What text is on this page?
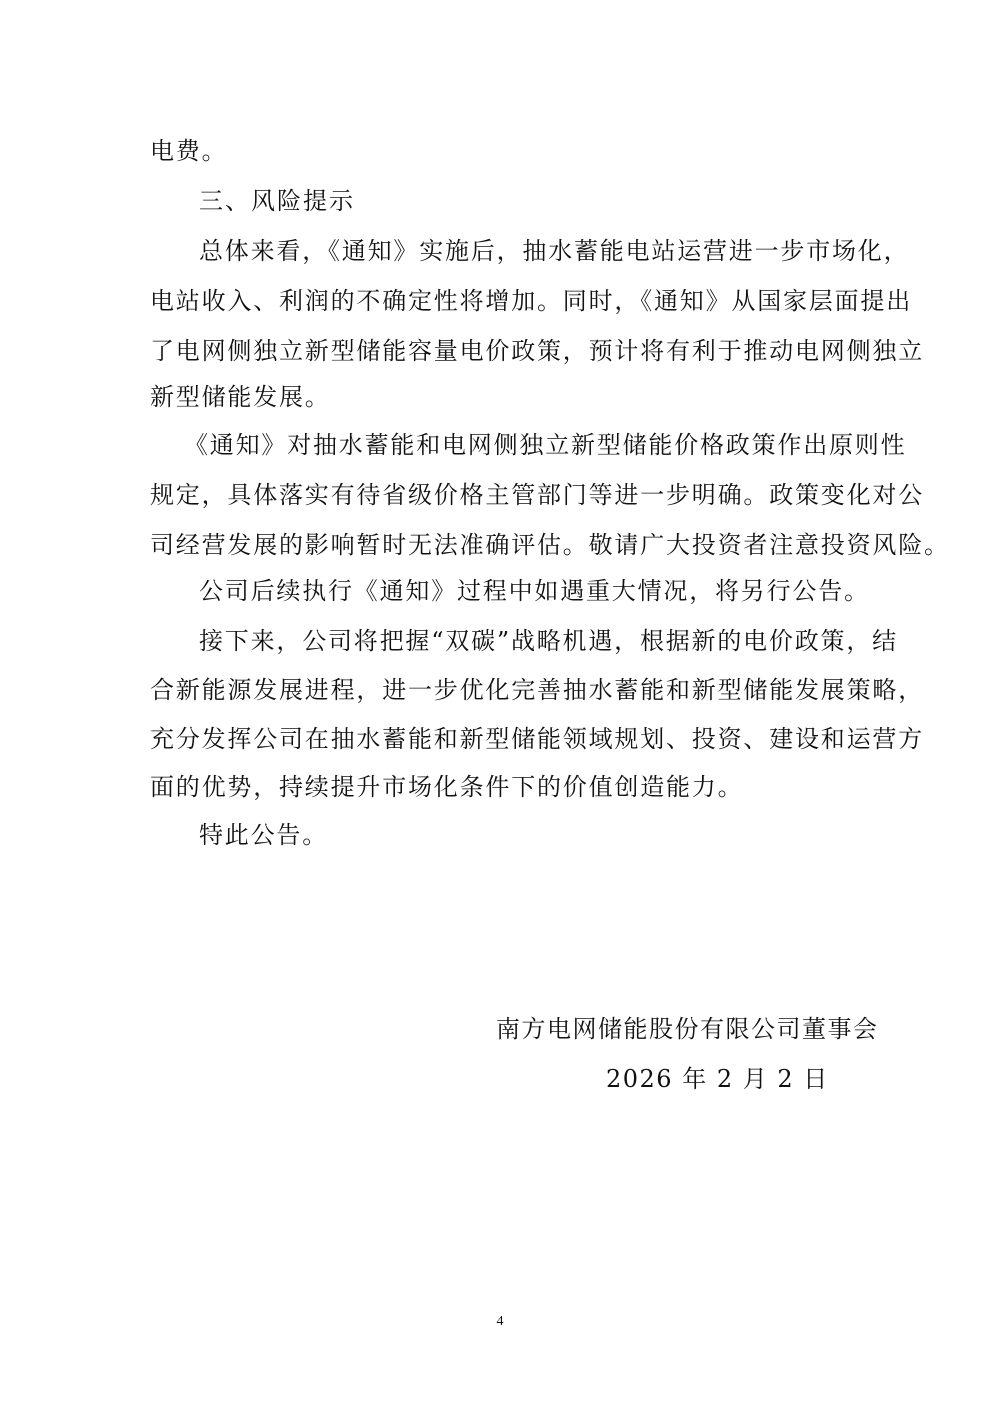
电费。
三、风险提示
总体来看，《通知》实施后，抽水蓄能电站运营进一步市场化，
电站收入、利润的不确定性将增加。同时，《通知》从国家层面提出
了电网侧独立新型储能容量电价政策，预计将有利于推动电网侧独立
新型储能发展。
《通知》对抽水蓄能和电网侧独立新型储能价格政策作出原则性
规定，具体落实有待省级价格主管部门等进一步明确。政策变化对公
司经营发展的影响暂时无法准确评估。敬请广大投资者注意投资风险。
公司后续执行《通知》过程中如遇重大情况，将另行公告。
接下来，公司将把握“双碳”战略机遇，根据新的电价政策，结
合新能源发展进程，进一步优化完善抽水蓄能和新型储能发展策略，
充分发挥公司在抽水蓄能和新型储能领域规划、投资、建设和运营方
面的优势，持续提升市场化条件下的价值创造能力。
特此公告。
南方电网储能股份有限公司董事会
2026 年 2 月 2 日
4
